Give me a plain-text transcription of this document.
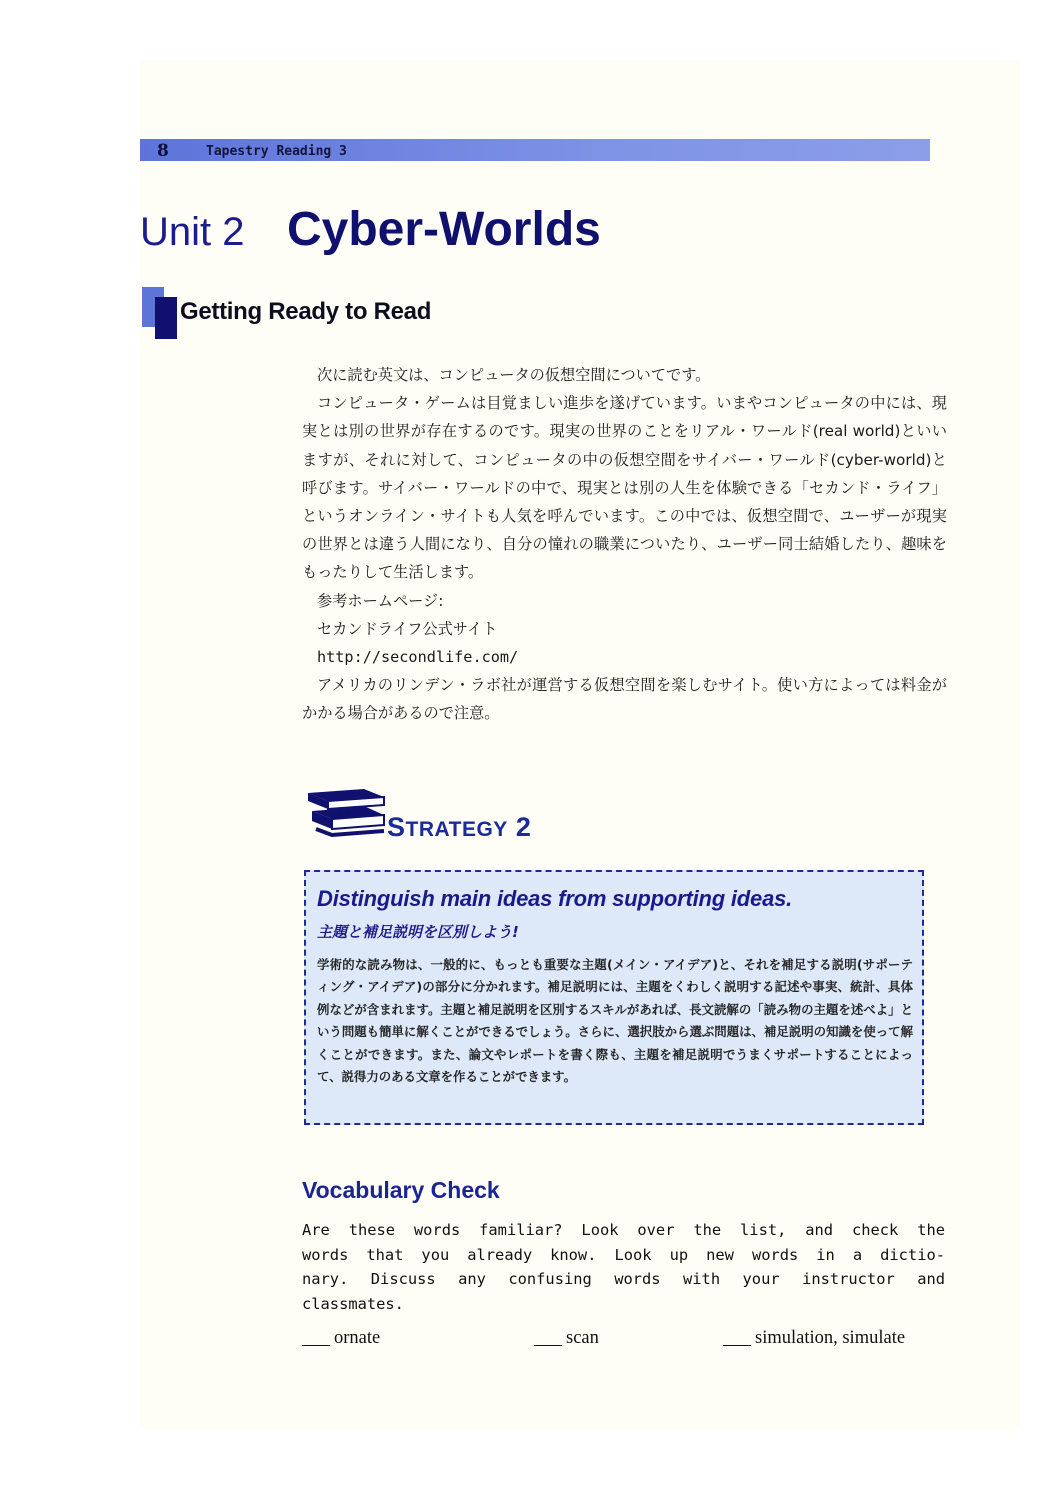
8	Tapestry Reading 3
Unit 2 Cyber-Worlds
Getting Ready to Read

次に読む英文は、コンピュータの仮想空間についてです。

コンピュータ・ゲームは目覚ましい進歩を遂げています。いまやコンピュータの中には、現実とは別の世界が存在するのです。現実の世界のことをリアル・ワールド(real world)といいますが、それに対して、コンピュータの中の仮想空間をサイバー・ワールド(cyber-world)と呼びます。サイバー・ワールドの中で、現実とは別の人生を体験できる「セカンド・ライフ」というオンライン・サイトも人気を呼んでいます。この中では、仮想空間で、ユーザーが現実の世界とは違う人間になり、自分の憧れの職業についたり、ユーザー同士結婚したり、趣味をもったりして生活します。

参考ホームページ:

セカンドライフ公式サイト

http://secondlife.com/

アメリカのリンデン・ラボ社が運営する仮想空間を楽しむサイト。使い方によっては料金がかかる場合があるので注意。

STRATEGY 2
Distinguish main ideas from supporting ideas.
主題と補足説明を区別しよう!

学術的な読み物は、一般的に、もっとも重要な主題(メイン・アイデア)と、それを補足する説明(サポーティング・アイデア)の部分に分かれます。補足説明には、主題をくわしく説明する記述や事実、統計、具体例などが含まれます。主題と補足説明を区別するスキルがあれば、長文読解の「読み物の主題を述べよ」という問題も簡単に解くことができるでしょう。さらに、選択肢から選ぶ問題は、補足説明の知識を使って解くことができます。また、論文やレポートを書く際も、主題を補足説明でうまくサポートすることによって、説得力のある文章を作ることができます。

Vocabulary Check

Are these words familiar? Look over the list, and check the

words that you already know. Look up new words in a dictio-

nary. Discuss any confusing words with your instructor and

classmates.

ornate	scan	simulation, simulate
